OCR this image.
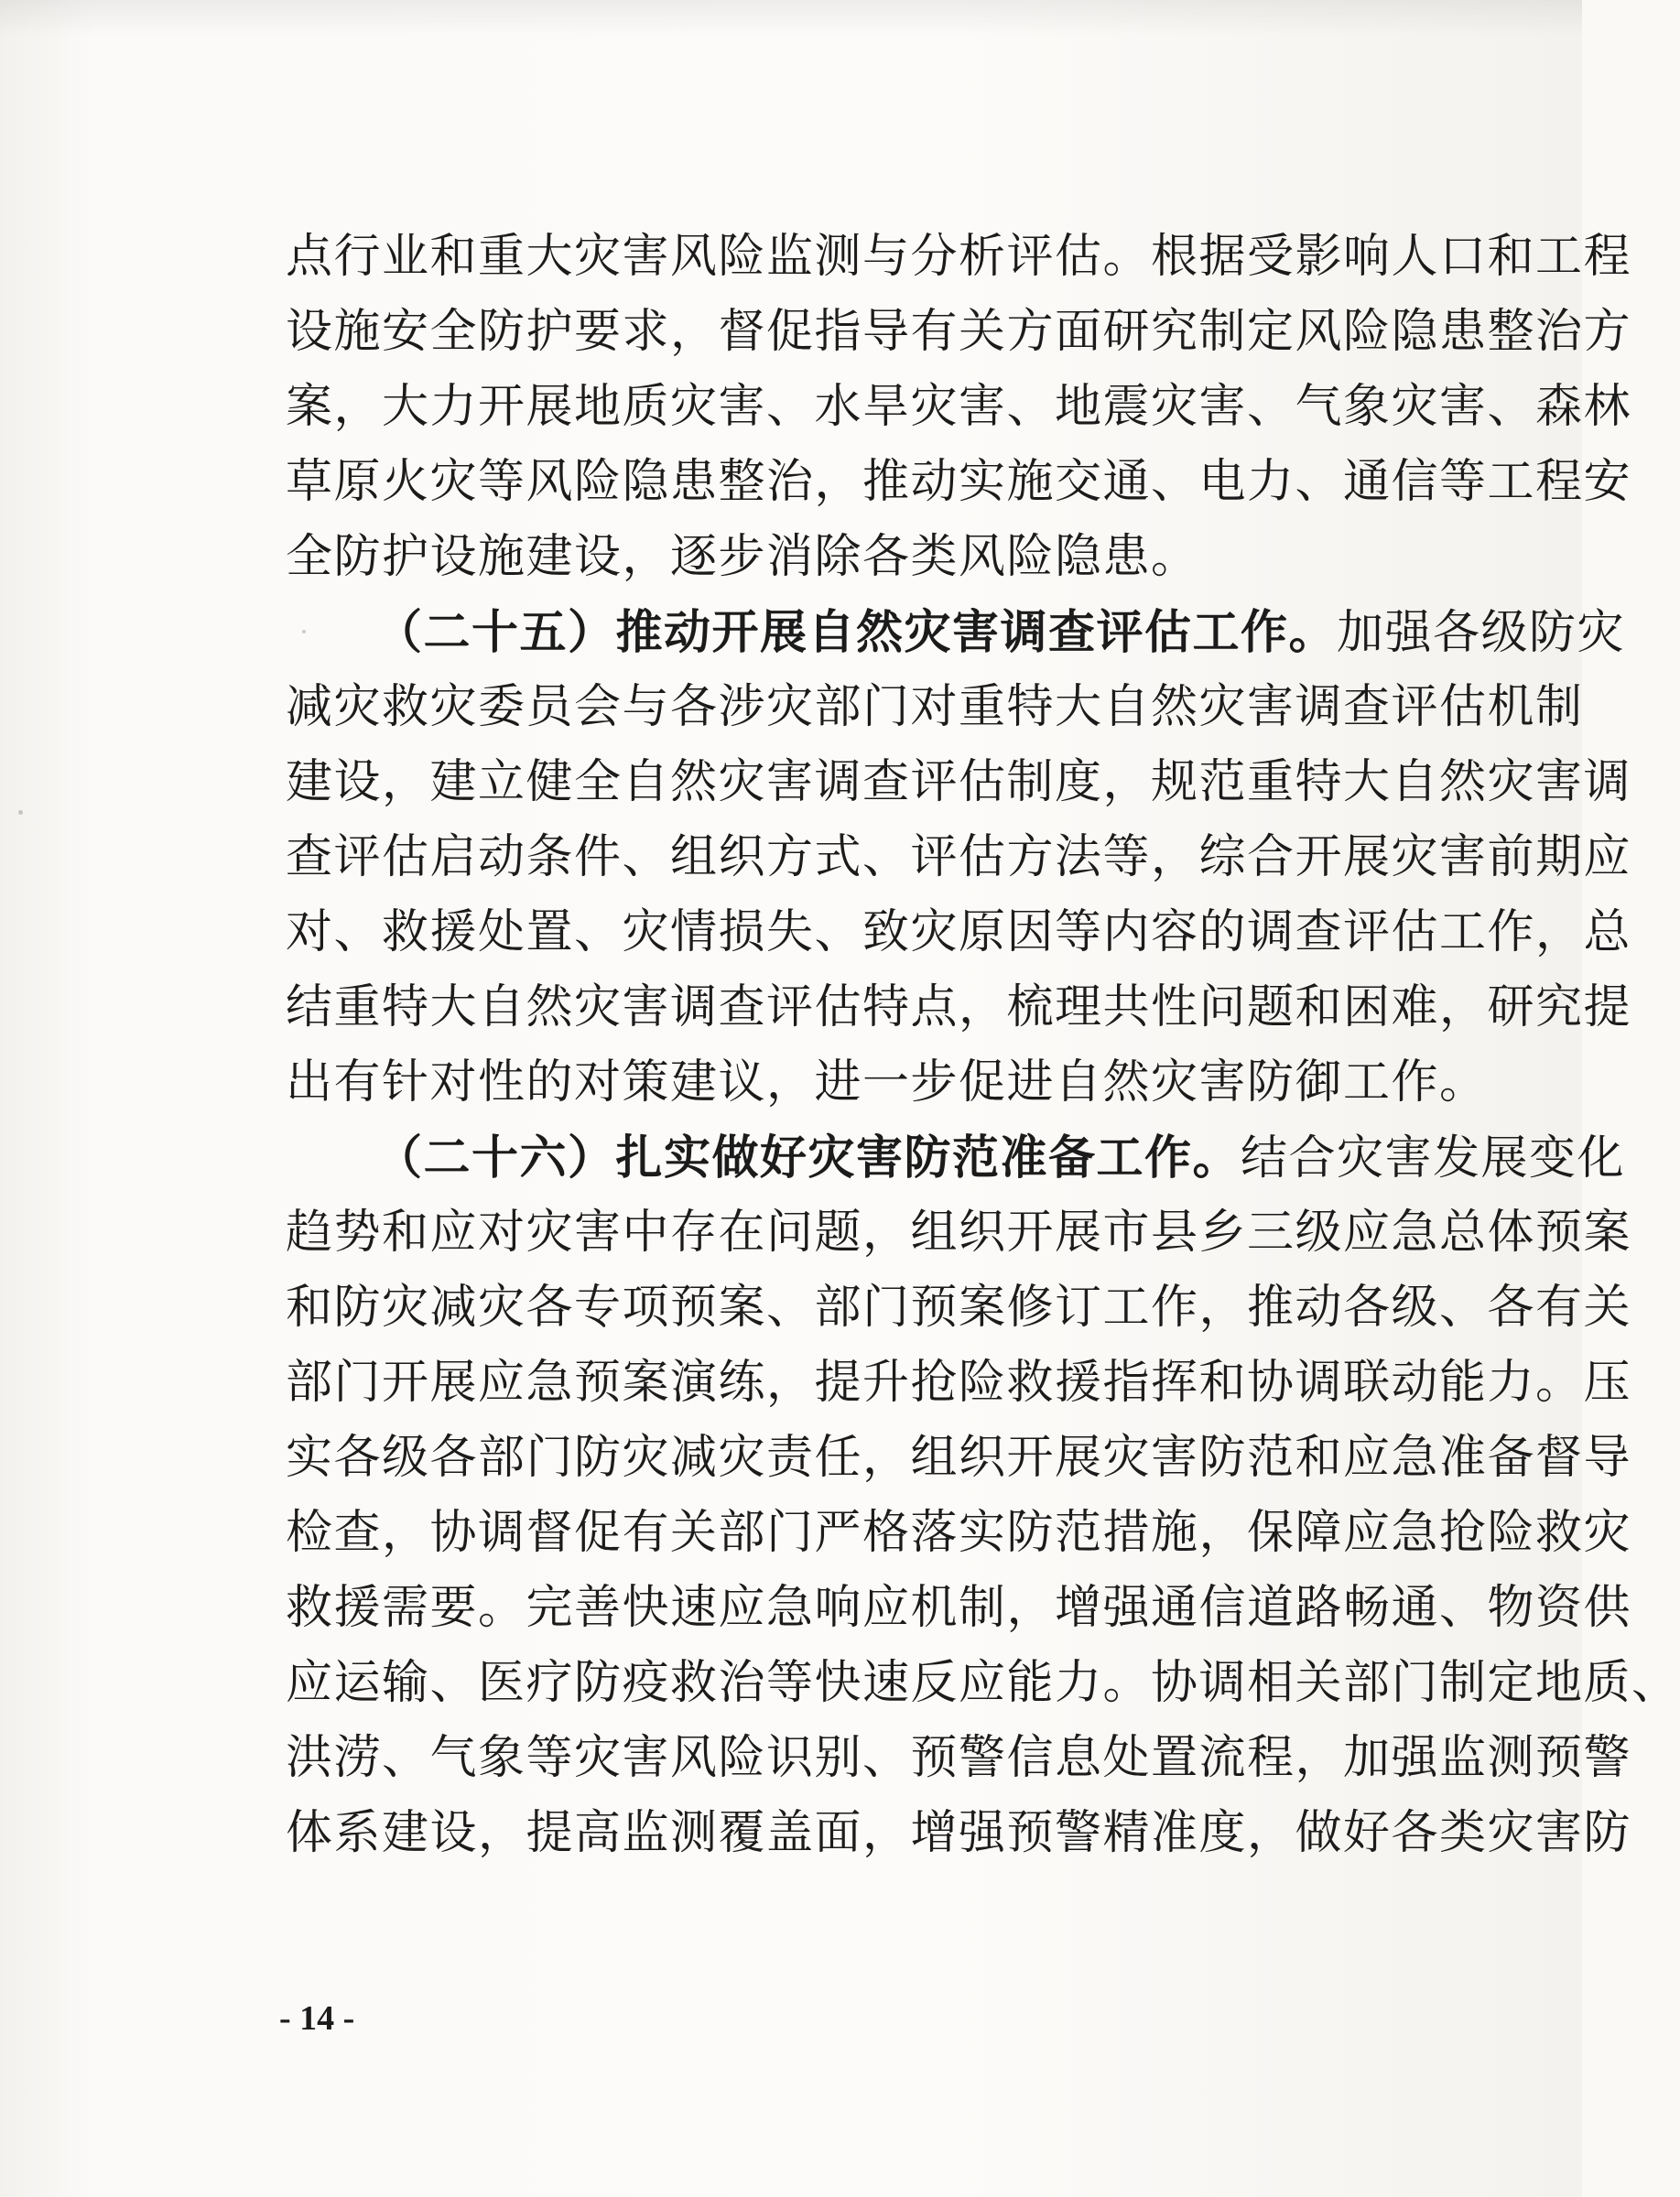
点行业和重大灾害风险监测与分析评估。根据受影响人口和工程
设施安全防护要求，督促指导有关方面研究制定风险隐患整治方
案，大力开展地质灾害、水旱灾害、地震灾害、气象灾害、森林
草原火灾等风险隐患整治，推动实施交通、电力、通信等工程安
全防护设施建设，逐步消除各类风险隐患。
（二十五）推动开展自然灾害调查评估工作。加强各级防灾
减灾救灾委员会与各涉灾部门对重特大自然灾害调查评估机制
建设，建立健全自然灾害调查评估制度，规范重特大自然灾害调
查评估启动条件、组织方式、评估方法等，综合开展灾害前期应
对、救援处置、灾情损失、致灾原因等内容的调查评估工作，总
结重特大自然灾害调查评估特点，梳理共性问题和困难，研究提
出有针对性的对策建议，进一步促进自然灾害防御工作。
（二十六）扎实做好灾害防范准备工作。结合灾害发展变化
趋势和应对灾害中存在问题，组织开展市县乡三级应急总体预案
和防灾减灾各专项预案、部门预案修订工作，推动各级、各有关
部门开展应急预案演练，提升抢险救援指挥和协调联动能力。压
实各级各部门防灾减灾责任，组织开展灾害防范和应急准备督导
检查，协调督促有关部门严格落实防范措施，保障应急抢险救灾
救援需要。完善快速应急响应机制，增强通信道路畅通、物资供
应运输、医疗防疫救治等快速反应能力。协调相关部门制定地质、
洪涝、气象等灾害风险识别、预警信息处置流程，加强监测预警
体系建设，提高监测覆盖面，增强预警精准度，做好各类灾害防
- 14 -
